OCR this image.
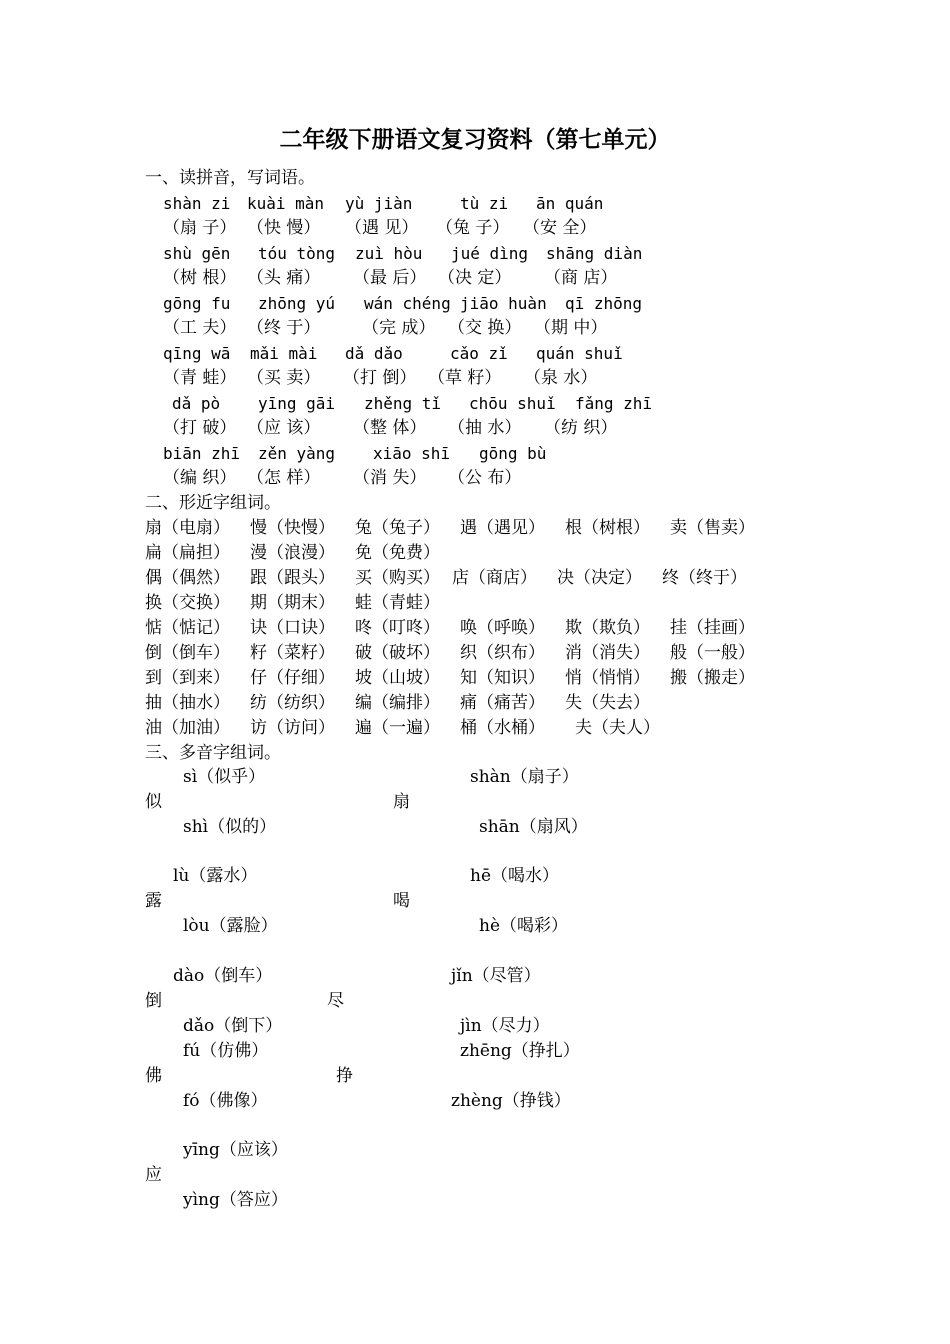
二年级下册语文复习资料（第七单元）
一、读拼音，写词语。
shàn zi kuài màn yù jiàn	tù zi ān quán
（扇 子） （快 慢） （遇 见） （兔 子） （安 全）
shù gēn tóu tòng zuì hòu jué dìng shāng diàn
（树 根） （头 痛） （最 后） （决 定） （商 店）
gōng fu zhōng yú wán chéng jiāo huàn qī zhōng
（工 夫） （终 于） （完 成） （交 换） （期 中）
qīng wā mǎi mài dǎ dǎo	cǎo zǐ quán shuǐ
（青 蛙） （买 卖） （打 倒） （草 籽） （泉 水）
dǎ pò yīng gāi zhěng tǐ chōu shuǐ fǎng zhī
（打 破） （应 该） （整 体） （抽 水） （纺 织）
biān zhī zěn yàng xiāo shī gōng bù
（编 织） （怎 样） （消 失） （公 布）
二、形近字组词。
扇（电扇） 慢（快慢） 兔（兔子） 遇（遇见） 根（树根） 卖（售卖）
扁（扁担） 漫（浪漫） 免（免费）
偶（偶然） 跟（跟头） 买（购买） 店（商店） 决（决定） 终（终于）
换（交换） 期（期末） 蛙（青蛙）
惦（惦记） 诀（口诀） 咚（叮咚） 唤（呼唤） 欺（欺负） 挂（挂画）
倒（倒车） 籽（菜籽） 破（破坏） 织（织布） 消（消失） 般（一般）
到（到来） 仔（仔细） 坡（山坡） 知（知识） 悄（悄悄） 搬（搬走）
抽（抽水） 纺（纺织） 编（编排） 痛（痛苦） 失（失去）
油（加油） 访（访问） 遍（一遍） 桶（水桶） 夫（夫人）
三、多音字组词。
sì（似乎）
似
shì（似的）
shàn（扇子）
扇
shān（扇风）
lù（露水）
露
lòu（露脸）
hē（喝水）
喝
hè（喝彩）
dào（倒车）
倒
dǎo（倒下）
jǐn（尽管）
尽
jìn（尽力）
fú（仿佛）
佛
fó（佛像）
zhēng（挣扎）
挣
zhèng（挣钱）
yīng（应该）
应
yìng（答应）
